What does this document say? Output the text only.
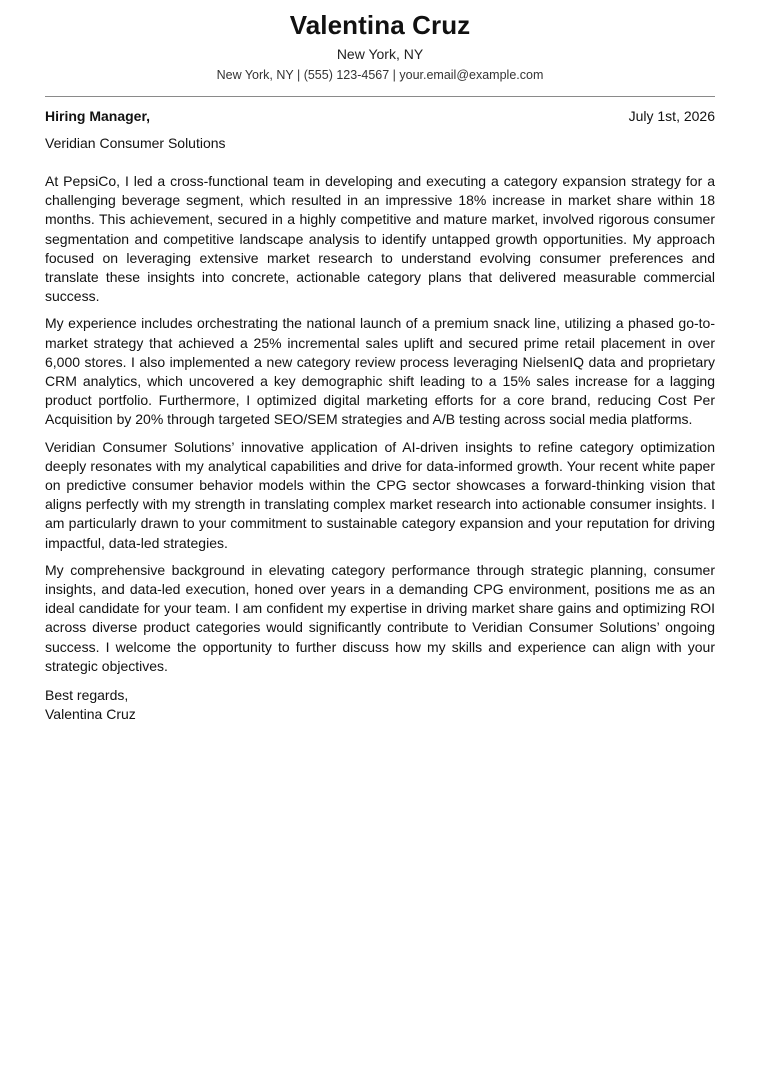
Valentina Cruz
New York, NY
New York, NY | (555) 123-4567 | your.email@example.com
Hiring Manager,	July 1st, 2026
Veridian Consumer Solutions

At PepsiCo, I led a cross-functional team in developing and executing a category expansion strategy for a challenging beverage segment, which resulted in an impressive 18% increase in market share within 18 months. This achievement, secured in a highly competitive and mature market, involved rigorous consumer segmentation and competitive landscape analysis to identify untapped growth opportunities. My approach focused on leveraging extensive market research to understand evolving consumer preferences and translate these insights into concrete, actionable category plans that delivered measurable commercial success.

My experience includes orchestrating the national launch of a premium snack line, utilizing a phased go-to-market strategy that achieved a 25% incremental sales uplift and secured prime retail placement in over 6,000 stores. I also implemented a new category review process leveraging NielsenIQ data and proprietary CRM analytics, which uncovered a key demographic shift leading to a 15% sales increase for a lagging product portfolio. Furthermore, I optimized digital marketing efforts for a core brand, reducing Cost Per Acquisition by 20% through targeted SEO/SEM strategies and A/B testing across social media platforms.

Veridian Consumer Solutions’ innovative application of AI-driven insights to refine category optimization deeply resonates with my analytical capabilities and drive for data-informed growth. Your recent white paper on predictive consumer behavior models within the CPG sector showcases a forward-thinking vision that aligns perfectly with my strength in translating complex market research into actionable consumer insights. I am particularly drawn to your commitment to sustainable category expansion and your reputation for driving impactful, data-led strategies.

My comprehensive background in elevating category performance through strategic planning, consumer insights, and data-led execution, honed over years in a demanding CPG environment, positions me as an ideal candidate for your team. I am confident my expertise in driving market share gains and optimizing ROI across diverse product categories would significantly contribute to Veridian Consumer Solutions’ ongoing success. I welcome the opportunity to further discuss how my skills and experience can align with your strategic objectives.

Best regards,
Valentina Cruz
